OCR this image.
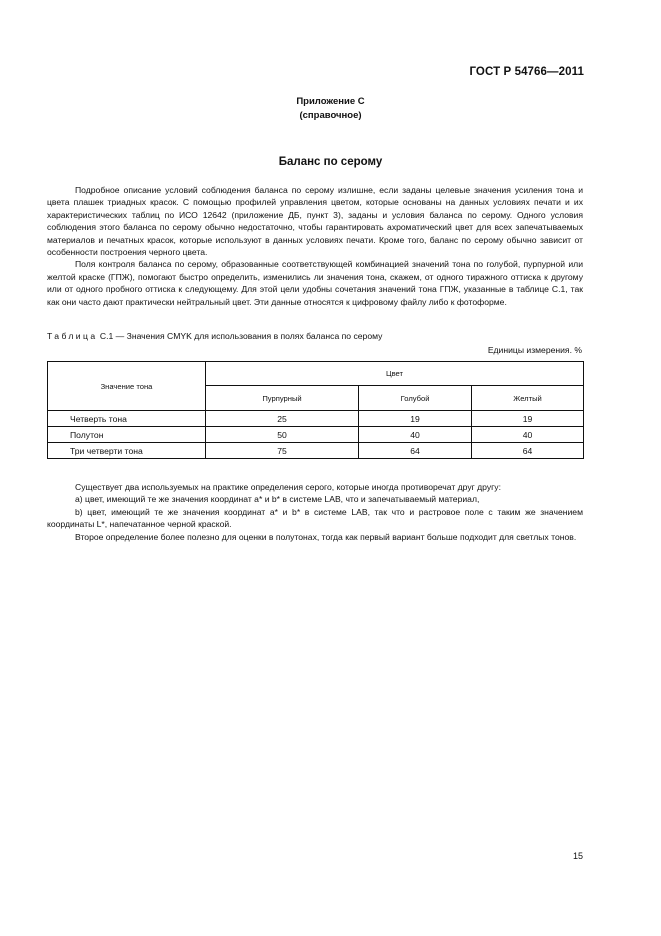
ГОСТ Р 54766—2011
Приложение С
(справочное)
Баланс по серому

Подробное описание условий соблюдения баланса по серому излишне, если заданы целевые значения усиления тона и цвета плашек триадных красок. С помощью профилей управления цветом, которые основаны на данных условиях печати и их характеристических таблиц по ИСО 12642 (приложение ДБ, пункт 3), заданы и условия баланса по серому. Одного условия соблюдения этого баланса по серому обычно недостаточно, чтобы гарантировать ахроматический цвет для всех запечатываемых материалов и печатных красок, которые используют в данных условиях печати. Кроме того, баланс по серому обычно зависит от особенности построения черного цвета.

Поля контроля баланса по серому, образованные соответствующей комбинацией значений тона по голубой, пурпурной или желтой краске (ГПЖ), помогают быстро определить, изменились ли значения тона, скажем, от одного тиражного оттиска к другому или от одного пробного оттиска к следующему. Для этой цели удобны сочетания значений тона ГПЖ, указанные в таблице С.1, так как они часто дают практически нейтральный цвет. Эти данные относятся к цифровому файлу либо к фотоформе.

Таблица С.1 — Значения CMYK для использования в полях баланса по серому
Единицы измерения. %
Значение тона	Цвет		
	Пурпурный	Голубой	Желтый
Четверть тона	25	19	19
Полутон	50	40	40
Три четверти тона	75	64	64

Существует два используемых на практике определения серого, которые иногда противоречат друг другу:

а) цвет, имеющий те же значения координат a* и b* в системе LAB, что и запечатываемый материал,

b) цвет, имеющий те же значения координат a* и b* в системе LAB, так что и растровое поле с таким же значением координаты L*, напечатанное черной краской.

Второе определение более полезно для оценки в полутонах, тогда как первый вариант больше подходит для светлых тонов.

15
